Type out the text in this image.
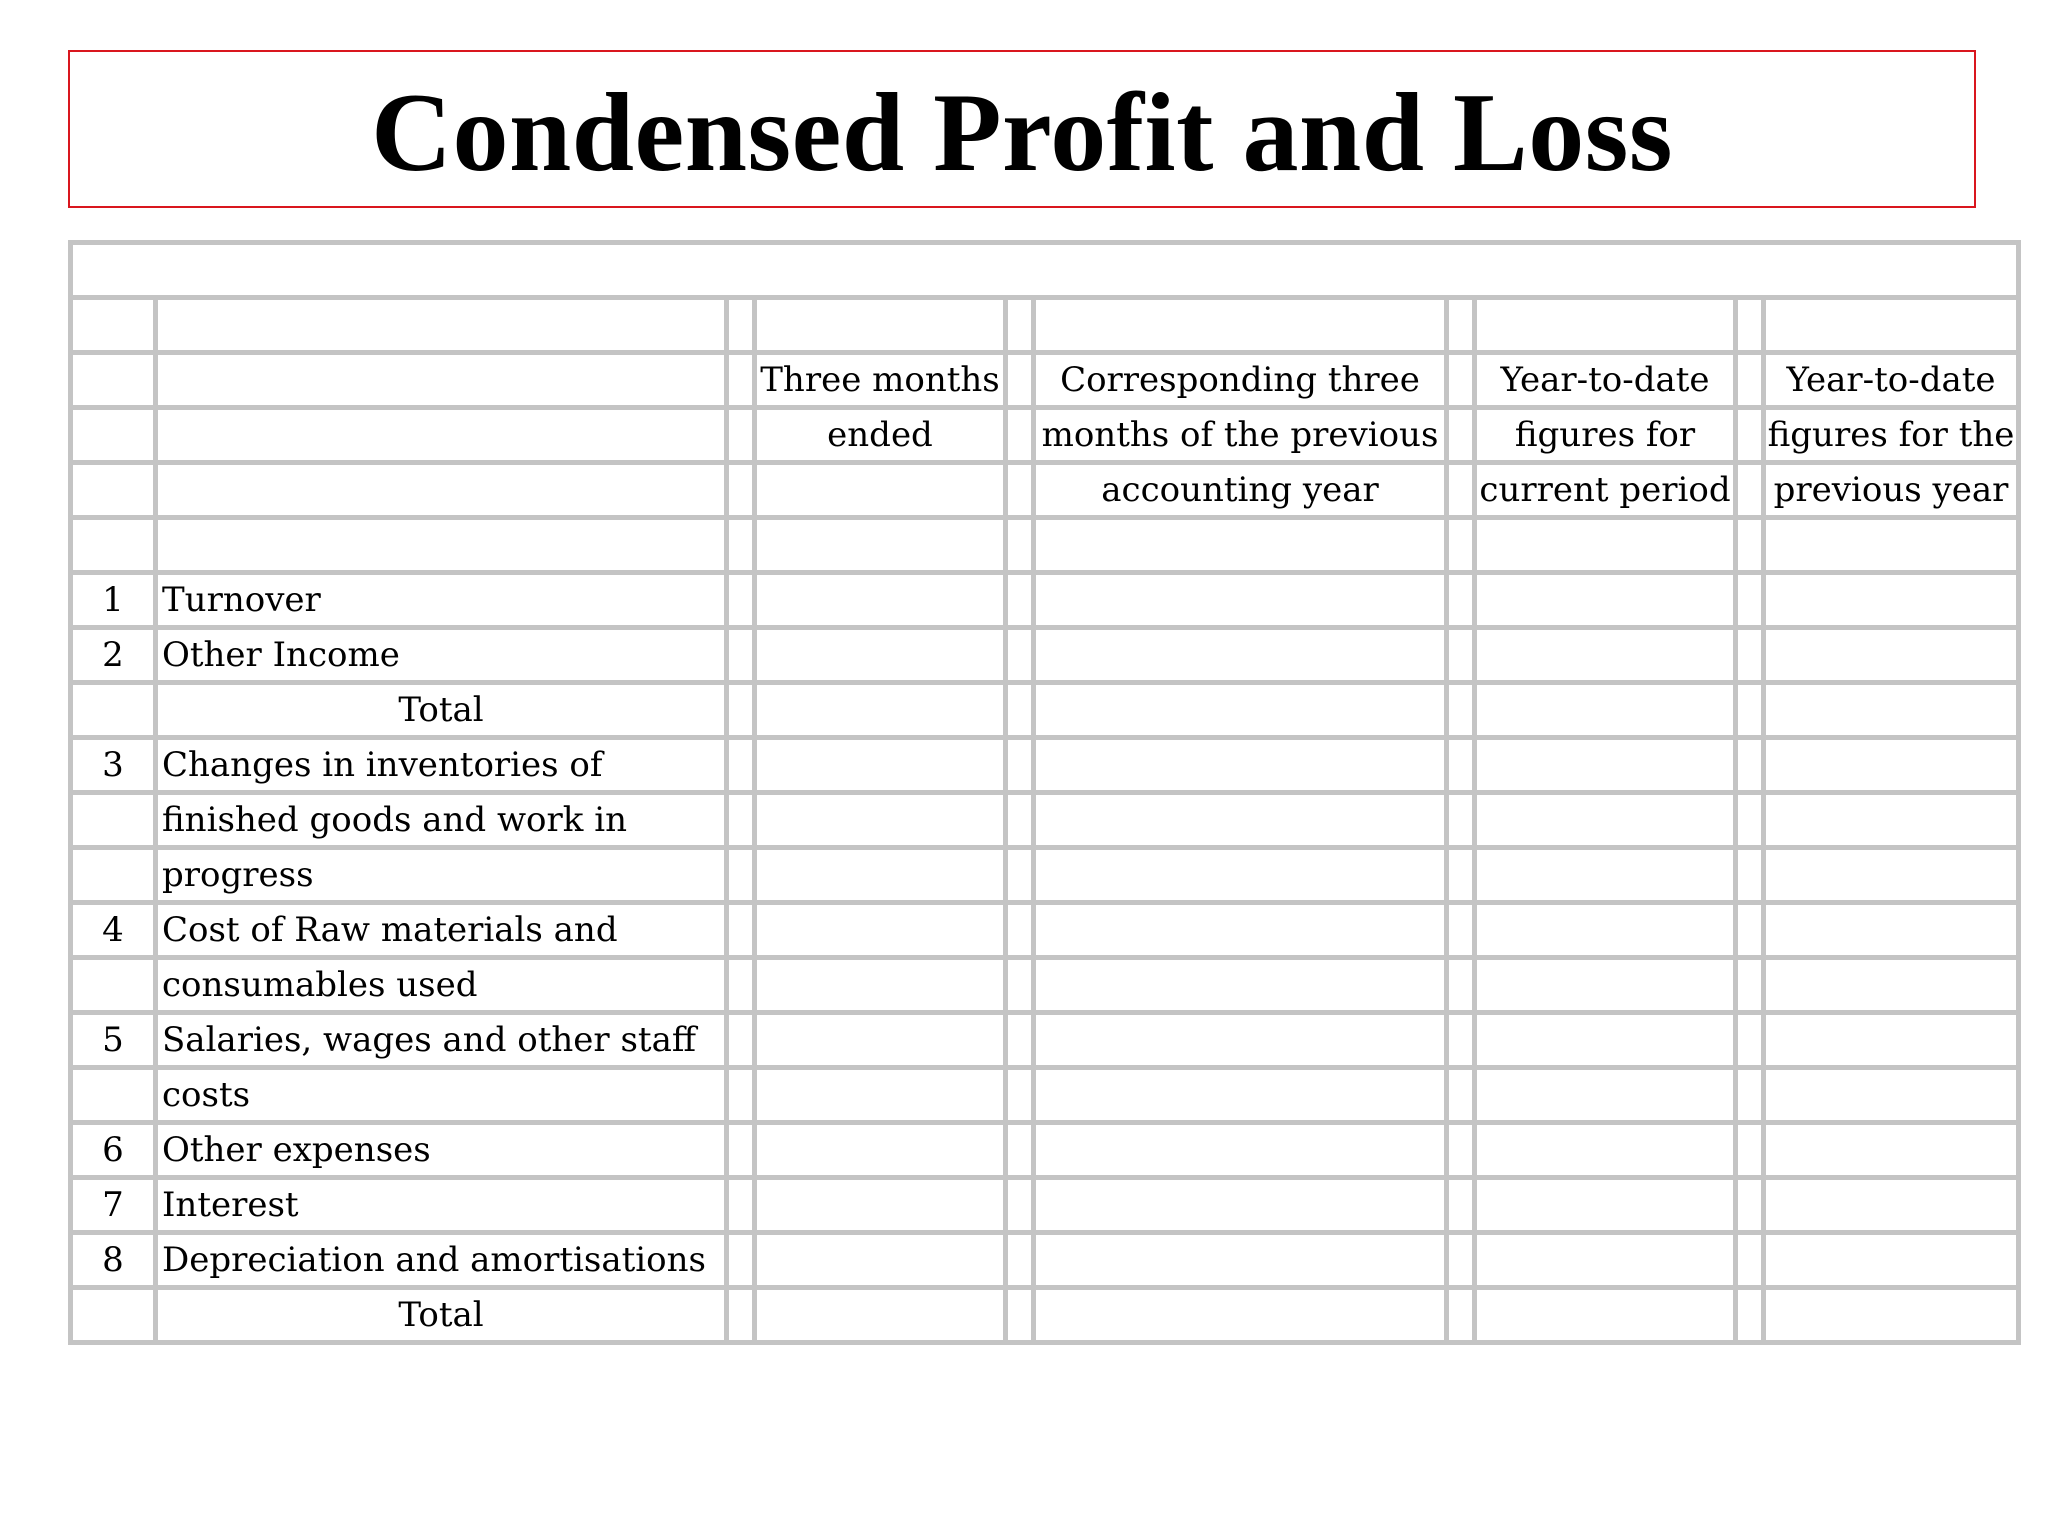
Condensed Profit and Loss

			Three months		Corresponding three		Year-to-date		Year-to-date
			ended		months of the previous		figures for		figures for the
					accounting year		current period		previous year

1	Turnover								
2	Other Income								
	Total								
3	Changes in inventories of								
	finished goods and work in								
	progress								
4	Cost of Raw materials and								
	consumables used								
5	Salaries, wages and other staff								
	costs								
6	Other expenses								
7	Interest								
8	Depreciation and amortisations								
	Total								
